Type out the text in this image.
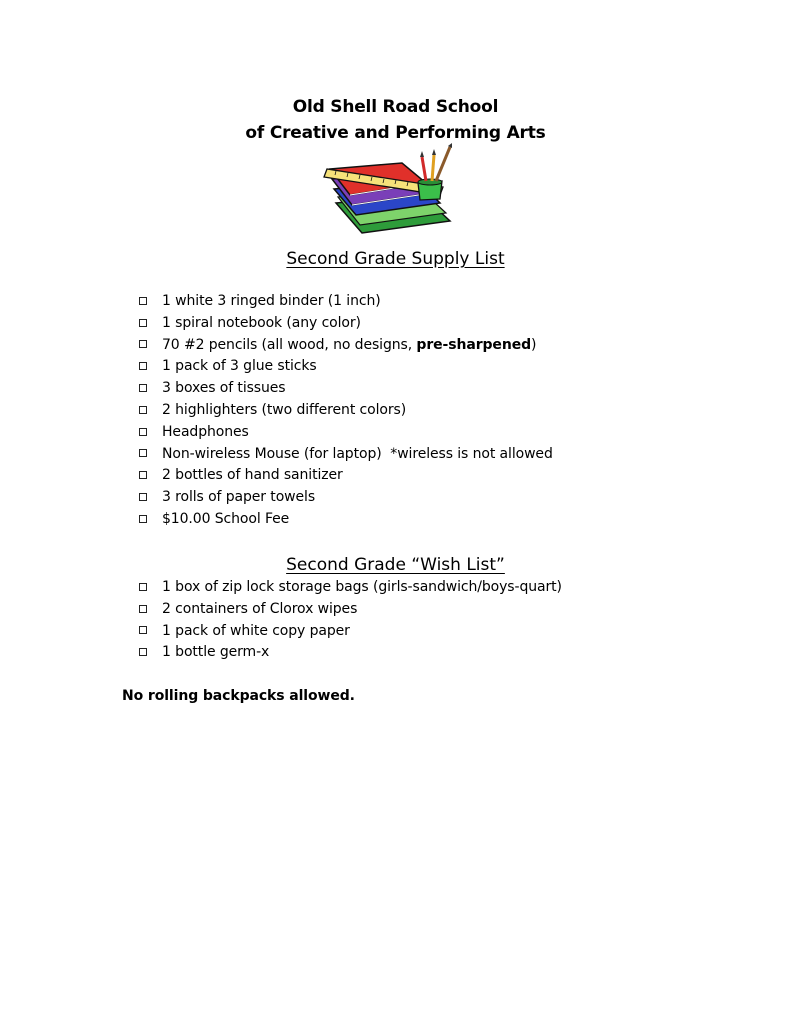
Old Shell Road School
of Creative and Performing Arts
Second Grade Supply List
1 white 3 ringed binder (1 inch)
1 spiral notebook (any color)
70 #2 pencils (all wood, no designs, pre-sharpened)
1 pack of 3 glue sticks
3 boxes of tissues
2 highlighters (two different colors)
Headphones
Non-wireless Mouse (for laptop)  *wireless is not allowed
2 bottles of hand sanitizer
3 rolls of paper towels
$10.00 School Fee
Second Grade “Wish List”
1 box of zip lock storage bags (girls-sandwich/boys-quart)
2 containers of Clorox wipes
1 pack of white copy paper
1 bottle germ-x
No rolling backpacks allowed.
